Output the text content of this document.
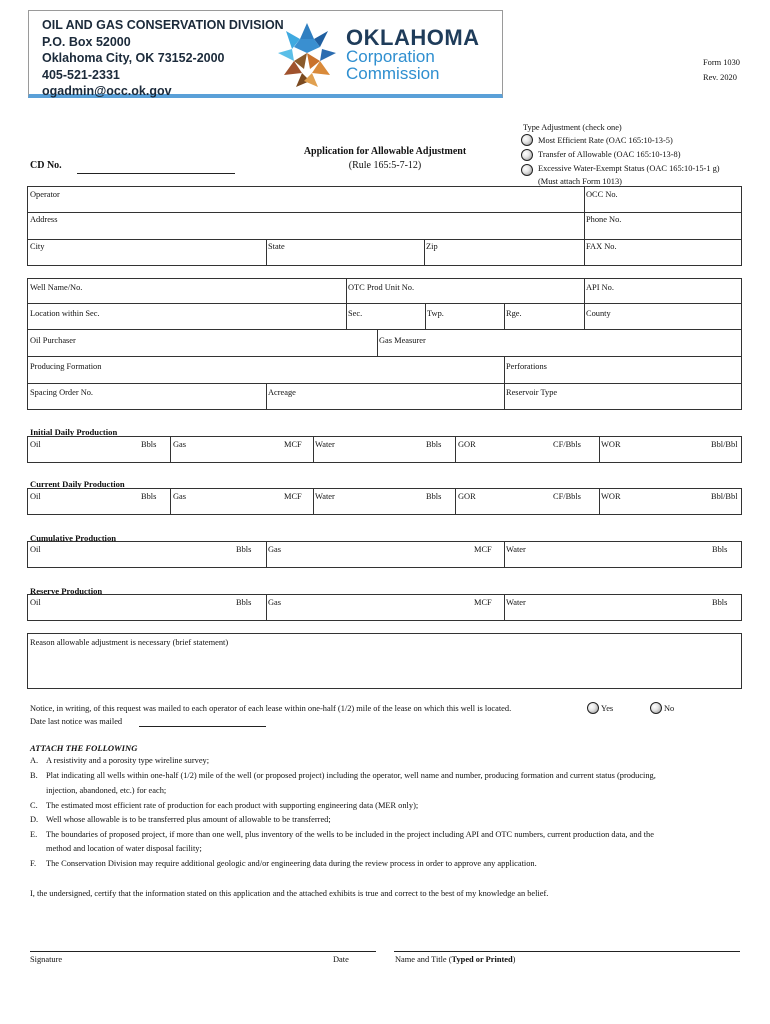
OIL AND GAS CONSERVATION DIVISION
P.O. Box 52000
Oklahoma City, OK 73152-2000
405-521-2331
ogadmin@occ.ok.gov
OKLAHOMA
Corporation
Commission
Form 1030
Rev. 2020
Type Adjustment (check one)
Most Efficient Rate (OAC 165:10-13-5)
Transfer of Allowable (OAC 165:10-13-8)
Excessive Water-Exempt Status (OAC 165:10-15-1 g)
(Must attach Form 1013)
Application for Allowable Adjustment
(Rule 165:5-7-12)
CD No.
Operator	OCC No.
Address	Phone No.
City	State	Zip	FAX No.
Well Name/No.	OTC Prod Unit No.	API No.
Location within Sec.	Sec.	Twp.	Rge.	County
Oil Purchaser	Gas Measurer
Producing Formation	Perforations
Spacing Order No.	Acreage	Reservoir Type
Initial Daily Production
Oil	Bbls Gas	MCF Water	Bbls GOR	CF/Bbls WOR	Bbl/Bbl
Current Daily Production
Oil	Bbls Gas	MCF Water	Bbls GOR	CF/Bbls WOR	Bbl/Bbl
Cumulative Production
Oil	Bbls Gas	MCF Water	Bbls
Reserve Production
Oil	Bbls Gas	MCF Water	Bbls
Reason allowable adjustment is necessary (brief statement)
Notice, in writing, of this request was mailed to each operator of each lease within one-half (1/2) mile of the lease on which this well is located.	Yes	No
Date last notice was mailed
ATTACH THE FOLLOWING
A. A resistivity and a porosity type wireline survey;
B. Plat indicating all wells within one-half (1/2) mile of the well (or proposed project) including the operator, well name and number, producing formation and current status (producing,
injection, abandoned, etc.) for each;
C. The estimated most efficient rate of production for each product with supporting engineering data (MER only);
D. Well whose allowable is to be transferred plus amount of allowable to be transferred;
E. The boundaries of proposed project, if more than one well, plus inventory of the wells to be included in the project including API and OTC numbers, current production data, and the
method and location of water disposal facility;
F. The Conservation Division may require additional geologic and/or engineering data during the review process in order to approve any application.
I, the undersigned, certify that the information stated on this application and the attached exhibits is true and correct to the best of my knowledge an belief.
Signature	Date	Name and Title (Typed or Printed)
